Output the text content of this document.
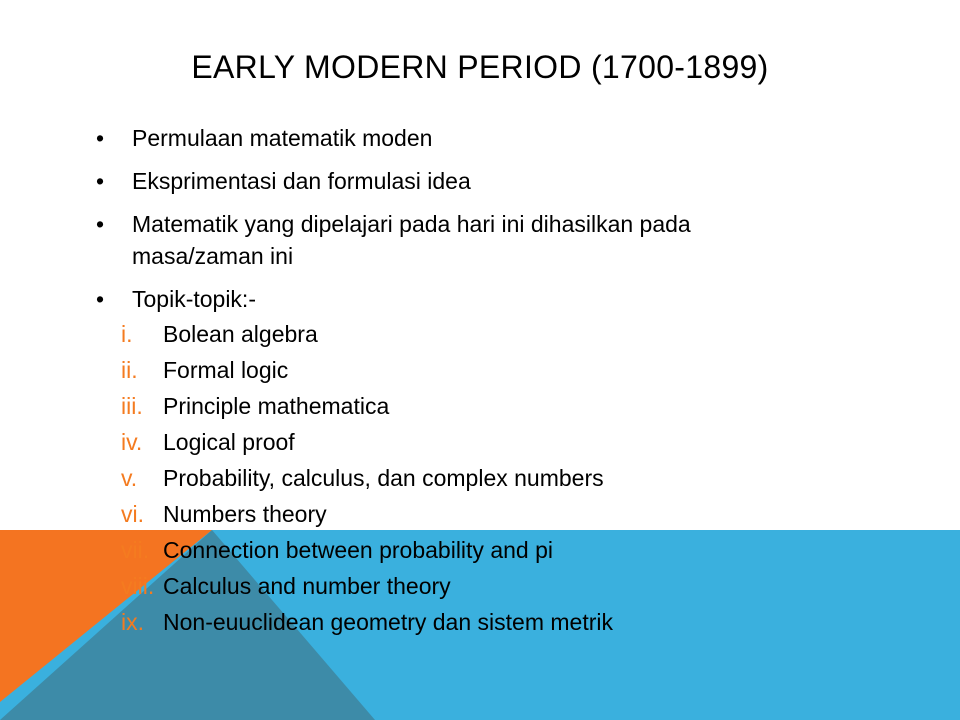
EARLY MODERN PERIOD (1700-1899)
• Permulaan matematik moden
• Eksprimentasi dan formulasi idea
• Matematik yang dipelajari pada hari ini dihasilkan pada masa/zaman ini
• Topik-topik:-
i. Bolean algebra
ii. Formal logic
iii. Principle mathematica
iv. Logical proof
v. Probability, calculus, dan complex numbers
vi. Numbers theory
vii. Connection between probability and pi
viii. Calculus and number theory
ix. Non-euuclidean geometry dan sistem metrik
